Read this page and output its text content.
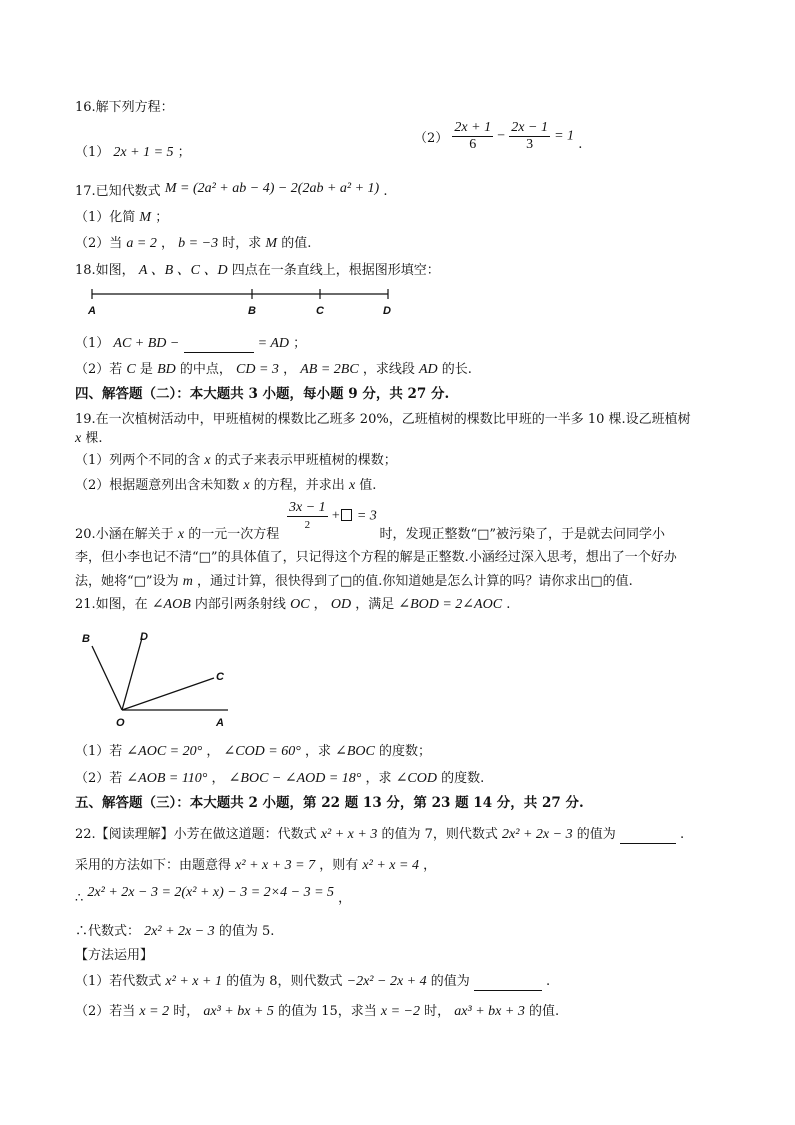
16.解下列方程：
（1） 2x + 1 = 5 ；
$(2) \frac{2x + 1}{6} - \frac{2x - 1}{3} = 1$ .
17.已知代数式 M = (2a² + ab − 4) − 2(2ab + a² + 1) .
（1）化简 M ；
（2）当 a = 2 ， b = −3 时，求 M 的值.
18.如图， A 、B 、C 、D 四点在一条直线上，根据图形填空：
A	B	C	D
（1） AC + BD −	= AD ；
（2）若 C 是 BD 的中点， CD = 3 ， AB = 2BC ，求线段 AD 的长.
四、解答题（二）：本大题共 3 小题，每小题 9 分，共 27 分.
19.在一次植树活动中，甲班植树的棵数比乙班多 20%，乙班植树的棵数比甲班的一半多 10 棵.设乙班植树
x 棵.
（1）列两个不同的含 x 的式子来表示甲班植树的棵数；
（2）根据题意列出含未知数 x 的方程，并求出 x 值.
$\frac{3x - 1}{2}$ + = 3
20.小涵在解关于 x 的一元一次方程	时，发现正整数“□”被污染了，于是就去问同学小
李，但小李也记不清“□”的具体值了，只记得这个方程的解是正整数.小涵经过深入思考，想出了一个好办
法，她将“□”设为 m ，通过计算，很快得到了□的值.你知道她是怎么计算的吗？请你求出□的值.
21.如图，在 ∠AOB 内部引两条射线 OC ， OD ，满足 ∠BOD = 2∠AOC .
B	D
C
O	A
（1）若 ∠AOC = 20° ， ∠COD = 60° ，求 ∠BOC 的度数；
（2）若 ∠AOB = 110° ， ∠BOC − ∠AOD = 18° ，求 ∠COD 的度数.
五、解答题（三）：本大题共 2 小题，第 22 题 13 分，第 23 题 14 分，共 27 分.
22.【阅读理解】小芳在做这道题：代数式 x² + x + 3 的值为 7，则代数式 2x² + 2x − 3 的值为	.
采用的方法如下：由题意得 x² + x + 3 = 7 ，则有 x² + x = 4 ，
∴ 2x² + 2x − 3 = 2(x² + x) − 3 = 2×4 − 3 = 5 ，
∴代数式： 2x² + 2x − 3 的值为 5.
【方法运用】
（1）若代数式 x² + x + 1 的值为 8，则代数式 −2x² − 2x + 4 的值为	.
（2）若当 x = 2 时， ax³ + bx + 5 的值为 15，求当 x = −2 时， ax³ + bx + 3 的值.
